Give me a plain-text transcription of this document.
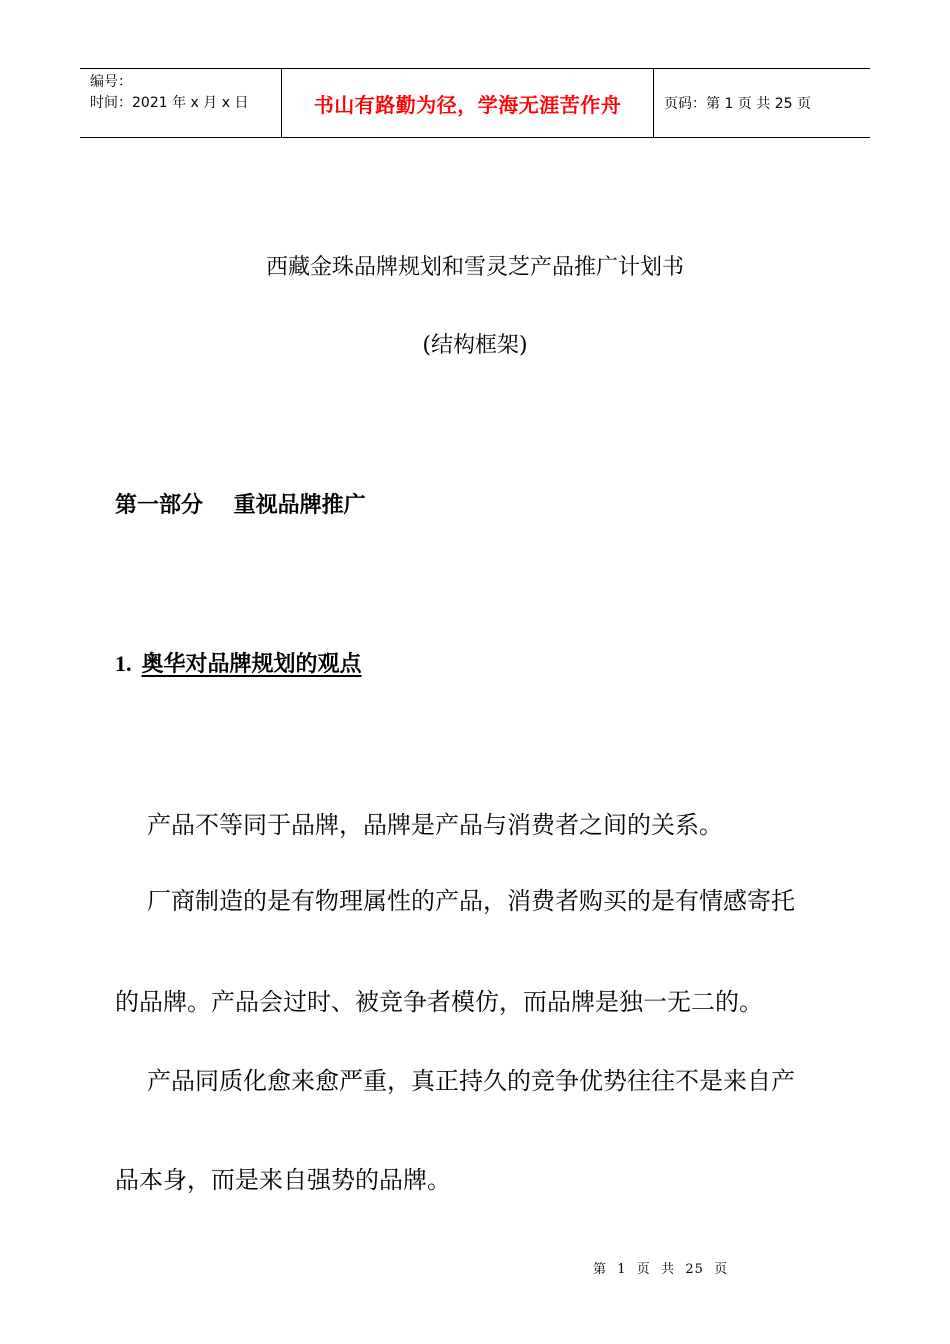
编号：
时间：2021 年 x 月 x 日	书山有路勤为径，学海无涯苦作舟	页码：第 1 页 共 25 页
西藏金珠品牌规划和雪灵芝产品推广计划书
(结构框架)
第一部分    重视品牌推广
1. 奥华对品牌规划的观点
产品不等同于品牌，品牌是产品与消费者之间的关系。
厂商制造的是有物理属性的产品，消费者购买的是有情感寄托
的品牌。产品会过时、被竞争者模仿，而品牌是独一无二的。
产品同质化愈来愈严重，真正持久的竞争优势往往不是来自产
品本身，而是来自强势的品牌。
第  1  页  共  25  页
